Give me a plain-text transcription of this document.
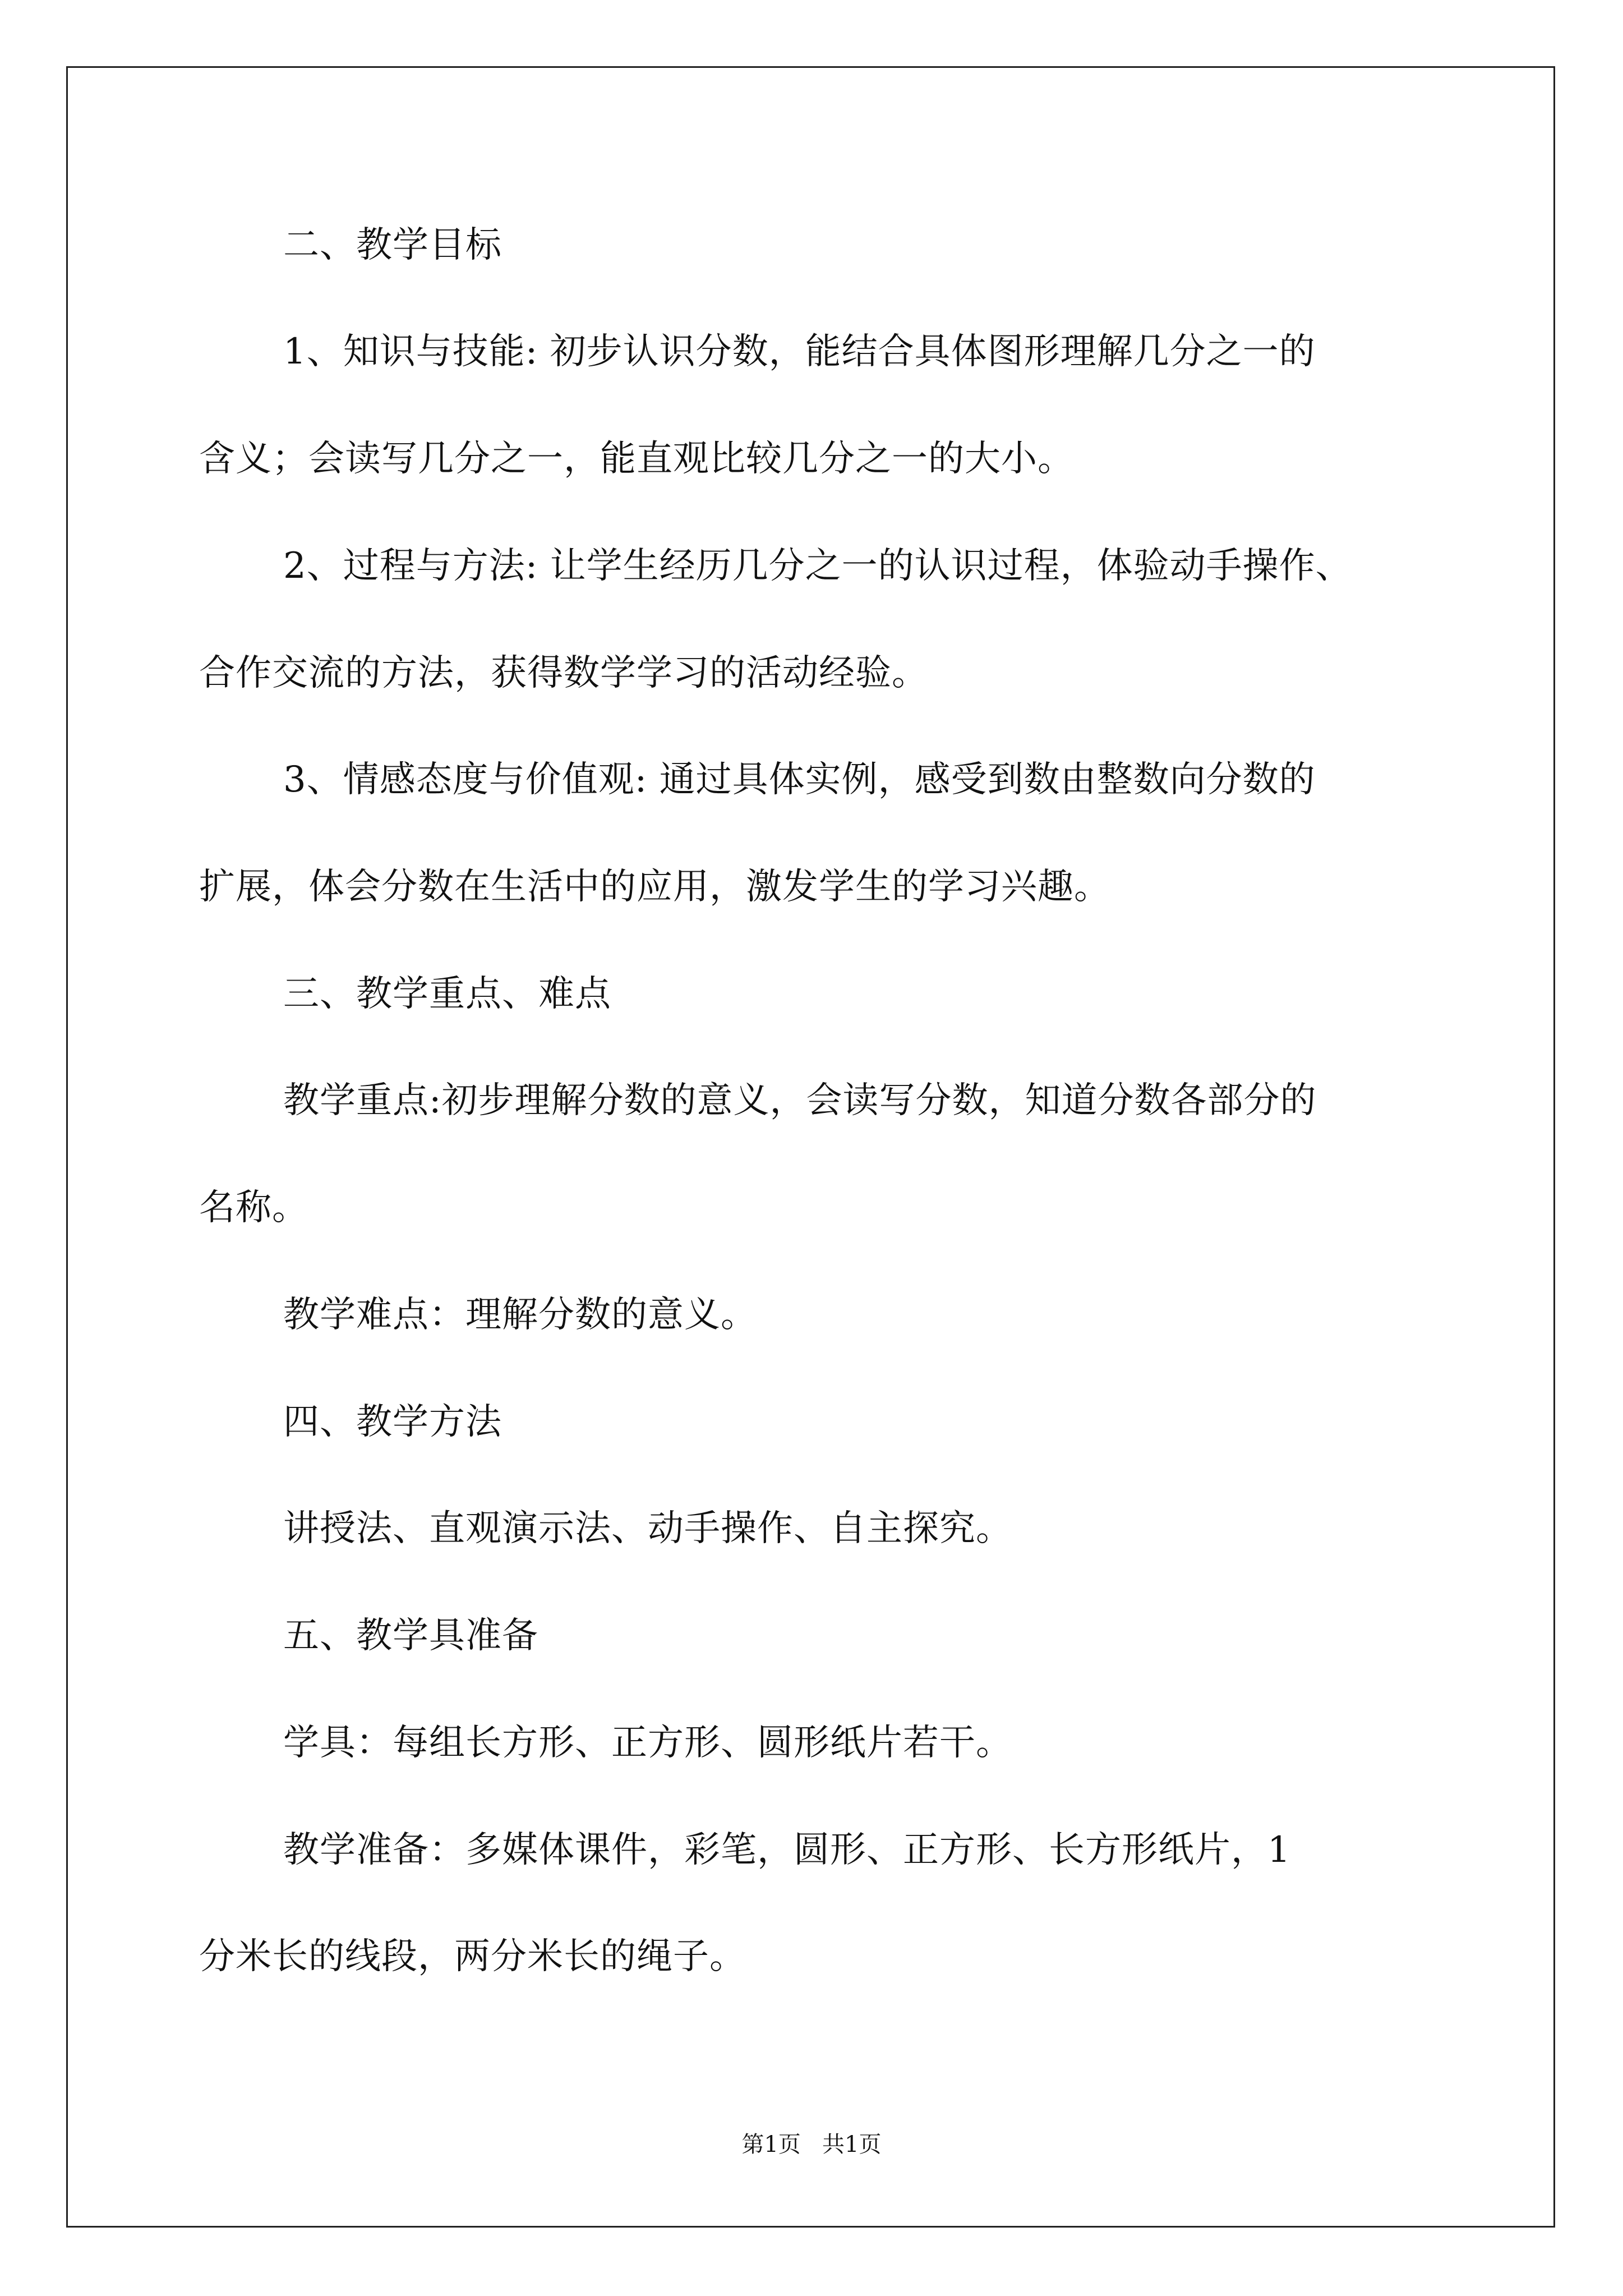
二、教学目标
1、知识与技能: 初步认识分数，能结合具体图形理解几分之一的
含义；会读写几分之一，能直观比较几分之一的大小。
2、过程与方法: 让学生经历几分之一的认识过程，体验动手操作、
合作交流的方法，获得数学学习的活动经验。
3、情感态度与价值观: 通过具体实例，感受到数由整数向分数的
扩展，体会分数在生活中的应用，激发学生的学习兴趣。
三、教学重点、难点
教学重点:初步理解分数的意义，会读写分数，知道分数各部分的
名称。
教学难点：理解分数的意义。
四、教学方法
讲授法、直观演示法、动手操作、自主探究。
五、教学具准备
学具：每组长方形、正方形、圆形纸片若干。
教学准备：多媒体课件，彩笔，圆形、正方形、长方形纸片，1
分米长的线段，两分米长的绳子。
第1页   共1页
